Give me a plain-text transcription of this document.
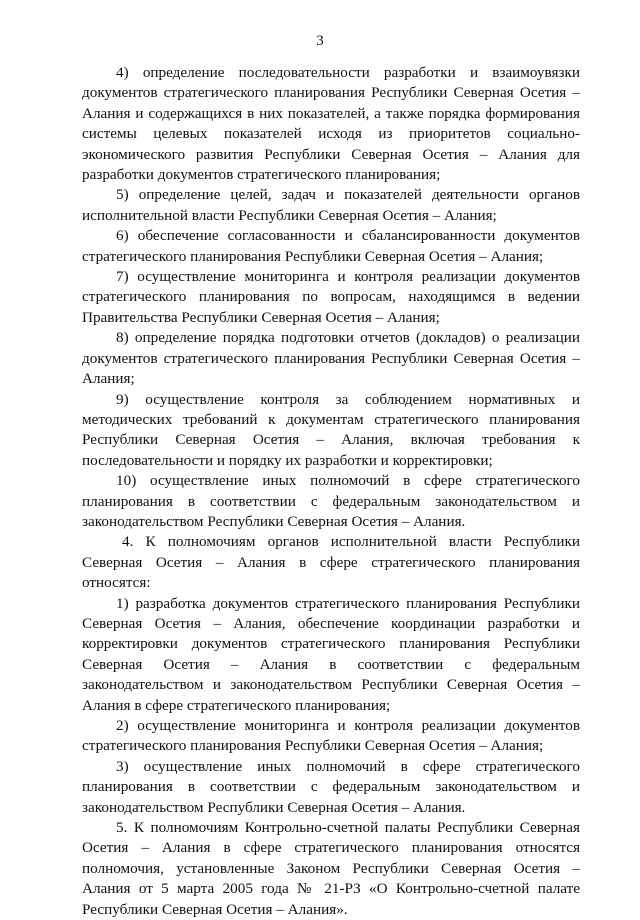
3

4) определение последовательности разработки и взаимоувязки документов стратегического планирования Республики Северная Осетия – Алания и содержащихся в них показателей, а также порядка формирования системы целевых показателей исходя из приоритетов социально-экономического развития Республики Северная Осетия – Алания для разработки документов стратегического планирования;

5) определение целей, задач и показателей деятельности органов исполнительной власти Республики Северная Осетия – Алания;

6) обеспечение согласованности и сбалансированности документов стратегического планирования Республики Северная Осетия – Алания;

7) осуществление мониторинга и контроля реализации документов стратегического планирования по вопросам, находящимся в ведении Правительства Республики Северная Осетия – Алания;

8) определение порядка подготовки отчетов (докладов) о реализации документов стратегического планирования Республики Северная Осетия – Алания;

9) осуществление контроля за соблюдением нормативных и методических требований к документам стратегического планирования Республики Северная Осетия – Алания, включая требования к последовательности и порядку их разработки и корректировки;

10) осуществление иных полномочий в сфере стратегического планирования в соответствии с федеральным законодательством и законодательством Республики Северная Осетия – Алания.

4. К полномочиям органов исполнительной власти Республики Северная Осетия – Алания в сфере стратегического планирования относятся:

1) разработка документов стратегического планирования Республики Северная Осетия – Алания, обеспечение координации разработки и корректировки документов стратегического планирования Республики Северная Осетия – Алания в соответствии с федеральным законодательством и законодательством Республики Северная Осетия – Алания в сфере стратегического планирования;

2) осуществление мониторинга и контроля реализации документов стратегического планирования Республики Северная Осетия – Алания;

3) осуществление иных полномочий в сфере стратегического планирования в соответствии с федеральным законодательством и законодательством Республики Северная Осетия – Алания.

5. К полномочиям Контрольно-счетной палаты Республики Северная Осетия – Алания в сфере стратегического планирования относятся полномочия, установленные Законом Республики Северная Осетия – Алания от 5 марта 2005 года № 21-РЗ «О Контрольно-счетной палате Республики Северная Осетия – Алания».
